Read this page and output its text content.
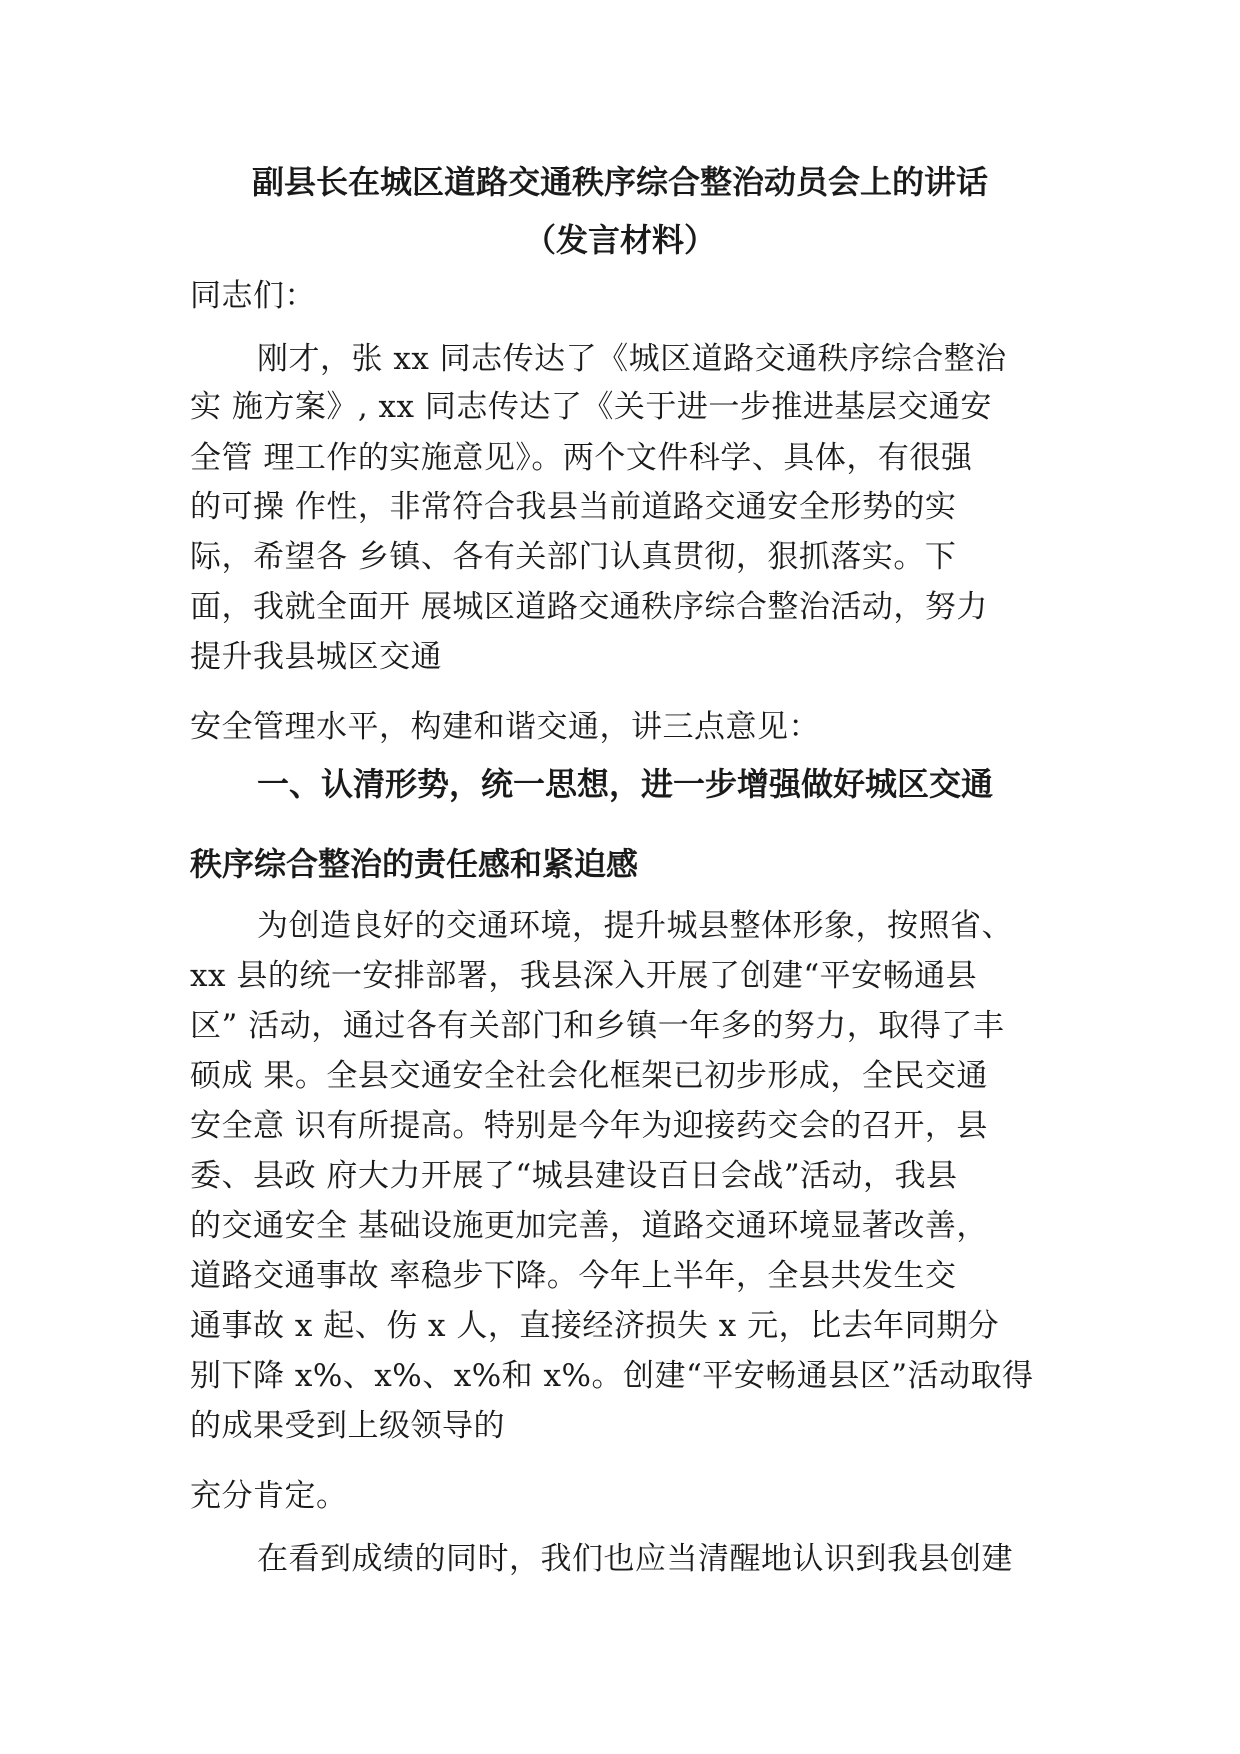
副县长在城区道路交通秩序综合整治动员会上的讲话
（发言材料）
同志们：
刚才，张 xx 同志传达了《城区道路交通秩序综合整治
实 施方案》, xx 同志传达了《关于进一步推进基层交通安
全管 理工作的实施意见》。两个文件科学、具体，有很强
的可操 作性，非常符合我县当前道路交通安全形势的实
际，希望各 乡镇、各有关部门认真贯彻，狠抓落实。下
面，我就全面开 展城区道路交通秩序综合整治活动，努力
提升我县城区交通
安全管理水平，构建和谐交通，讲三点意见：
一、认清形势，统一思想，进一步增强做好城区交通
秩序综合整治的责任感和紧迫感
为创造良好的交通环境，提升城县整体形象，按照省、
xx 县的统一安排部署，我县深入开展了创建“平安畅通县
区” 活动，通过各有关部门和乡镇一年多的努力，取得了丰
硕成 果。全县交通安全社会化框架已初步形成，全民交通
安全意 识有所提高。特别是今年为迎接药交会的召开，县
委、县政 府大力开展了“城县建设百日会战”活动，我县
的交通安全 基础设施更加完善，道路交通环境显著改善，
道路交通事故 率稳步下降。今年上半年，全县共发生交
通事故 x 起、伤 x 人，直接经济损失 x 元，比去年同期分
别下降 x%、x%、x%和 x%。创建“平安畅通县区”活动取得
的成果受到上级领导的
充分肯定。
在看到成绩的同时，我们也应当清醒地认识到我县创建
